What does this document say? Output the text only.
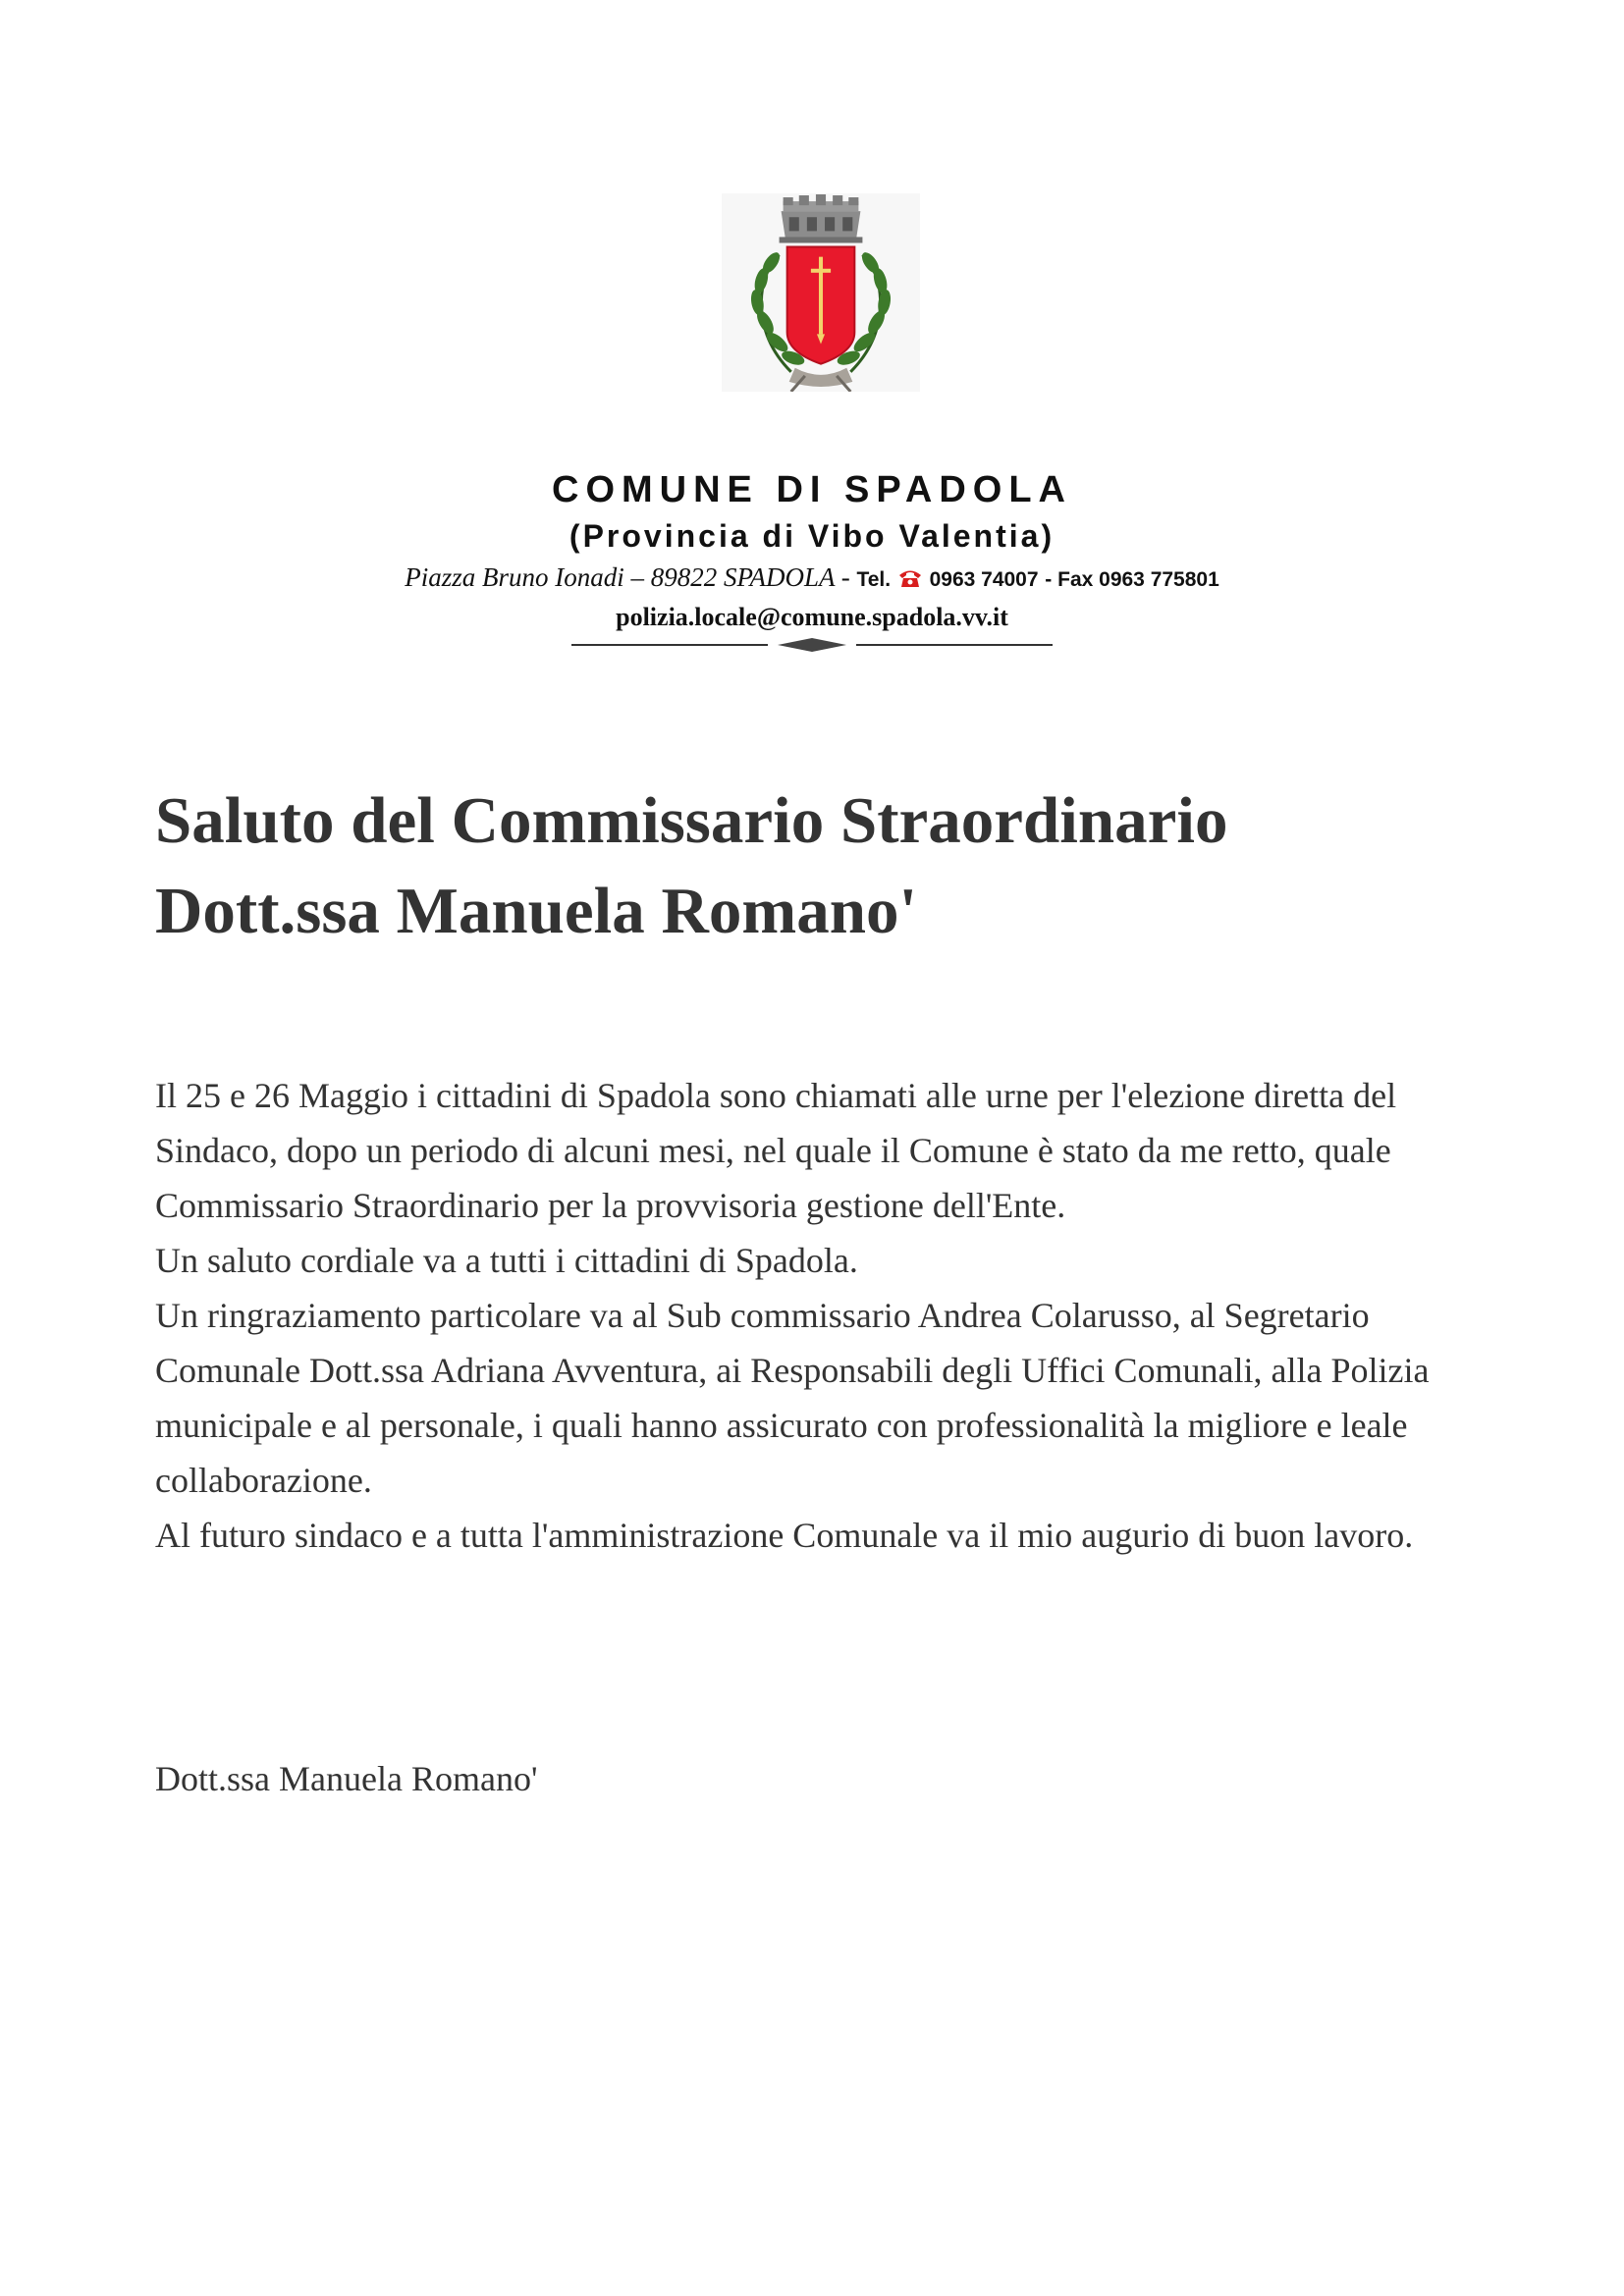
COMUNE DI SPADOLA
(Provincia di Vibo Valentia)
Piazza Bruno Ionadi – 89822 SPADOLA - Tel. 0963 74007 - Fax 0963 775801
polizia.locale@comune.spadola.vv.it
Saluto del Commissario Straordinario
Dott.ssa Manuela Romano'

Il 25 e 26 Maggio i cittadini di Spadola sono chiamati alle urne per l'elezione diretta del Sindaco, dopo un periodo di alcuni mesi, nel quale il Comune è stato da me retto, quale Commissario Straordinario per la provvisoria gestione dell'Ente.

Un saluto cordiale va a tutti i cittadini di Spadola.

Un ringraziamento particolare va al Sub commissario Andrea Colarusso, al Segretario Comunale Dott.ssa Adriana Avventura, ai Responsabili degli Uffici Comunali, alla Polizia municipale e al personale, i quali hanno assicurato con professionalità la migliore e leale collaborazione.

Al futuro sindaco e a tutta l'amministrazione Comunale va il mio augurio di buon lavoro.

Dott.ssa Manuela Romano'
